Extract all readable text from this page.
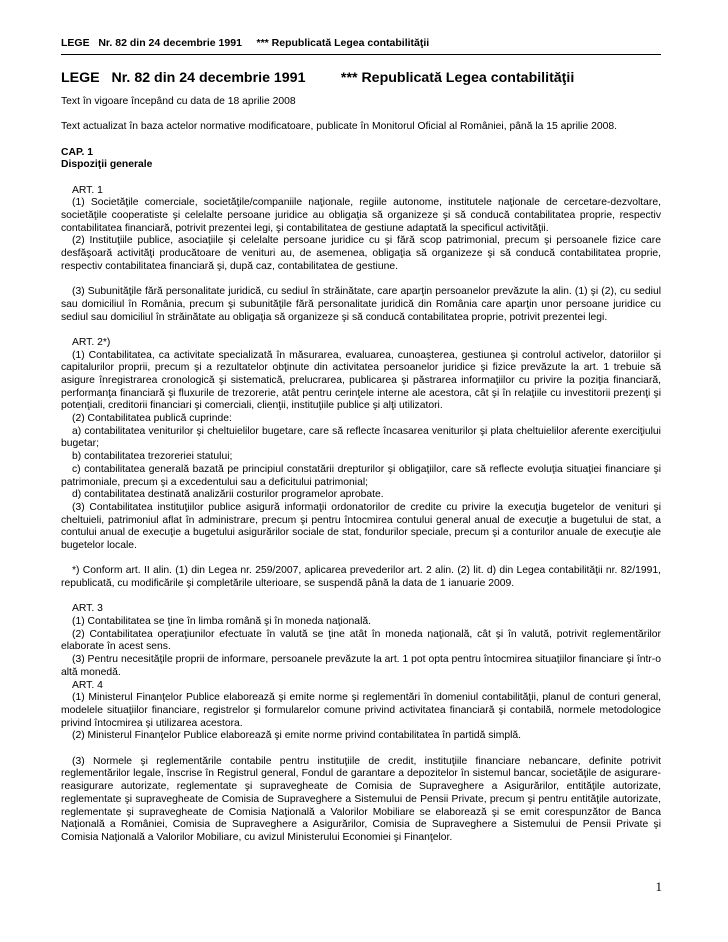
LEGE   Nr. 82 din 24 decembrie 1991     *** Republicată Legea contabilităţii
LEGE   Nr. 82 din 24 decembrie 1991         *** Republicată Legea contabilităţii

Text în vigoare începând cu data de 18 aprilie 2008

Text actualizat în baza actelor normative modificatoare, publicate în Monitorul Oficial al României, până la 15 aprilie 2008.

CAP. 1

Dispoziţii generale

ART. 1

(1) Societăţile comerciale, societăţile/companiile naţionale, regiile autonome, institutele naţionale de cercetare-dezvoltare, societăţile cooperatiste şi celelalte persoane juridice au obligaţia să organizeze şi să conducă contabilitatea proprie, respectiv contabilitatea financiară, potrivit prezentei legi, şi contabilitatea de gestiune adaptată la specificul activităţii.

(2) Instituţiile publice, asociaţiile şi celelalte persoane juridice cu şi fără scop patrimonial, precum şi persoanele fizice care desfăşoară activităţi producătoare de venituri au, de asemenea, obligaţia să organizeze şi să conducă contabilitatea proprie, respectiv contabilitatea financiară şi, după caz, contabilitatea de gestiune.

(3) Subunităţile fără personalitate juridică, cu sediul în străinătate, care aparţin persoanelor prevăzute la alin. (1) şi (2), cu sediul sau domiciliul în România, precum şi subunităţile fără personalitate juridică din România care aparţin unor persoane juridice cu sediul sau domiciliul în străinătate au obligaţia să organizeze şi să conducă contabilitatea proprie, potrivit prezentei legi.

ART. 2*)

(1) Contabilitatea, ca activitate specializată în măsurarea, evaluarea, cunoaşterea, gestiunea şi controlul activelor, datoriilor şi capitalurilor proprii, precum şi a rezultatelor obţinute din activitatea persoanelor juridice şi fizice prevăzute la art. 1 trebuie să asigure înregistrarea cronologică şi sistematică, prelucrarea, publicarea şi păstrarea informaţiilor cu privire la poziţia financiară, performanţa financiară şi fluxurile de trezorerie, atât pentru cerinţele interne ale acestora, cât şi în relaţiile cu investitorii prezenţi şi potenţiali, creditorii financiari şi comerciali, clienţii, instituţiile publice şi alţi utilizatori.

(2) Contabilitatea publică cuprinde:

a) contabilitatea veniturilor şi cheltuielilor bugetare, care să reflecte încasarea veniturilor şi plata cheltuielilor aferente exerciţiului bugetar;

b) contabilitatea trezoreriei statului;

c) contabilitatea generală bazată pe principiul constatării drepturilor şi obligaţiilor, care să reflecte evoluţia situaţiei financiare şi patrimoniale, precum şi a excedentului sau a deficitului patrimonial;

d) contabilitatea destinată analizării costurilor programelor aprobate.

(3) Contabilitatea instituţiilor publice asigură informaţii ordonatorilor de credite cu privire la execuţia bugetelor de venituri şi cheltuieli, patrimoniul aflat în administrare, precum şi pentru întocmirea contului general anual de execuţie a bugetului de stat, a contului anual de execuţie a bugetului asigurărilor sociale de stat, fondurilor speciale, precum şi a conturilor anuale de execuţie ale bugetelor locale.

*) Conform art. II alin. (1) din Legea nr. 259/2007, aplicarea prevederilor art. 2 alin. (2) lit. d) din Legea contabilităţii nr. 82/1991, republicată, cu modificările şi completările ulterioare, se suspendă până la data de 1 ianuarie 2009.

ART. 3

(1) Contabilitatea se ţine în limba română şi în moneda naţională.

(2) Contabilitatea operaţiunilor efectuate în valută se ţine atât în moneda naţională, cât şi în valută, potrivit reglementărilor elaborate în acest sens.

(3) Pentru necesităţile proprii de informare, persoanele prevăzute la art. 1 pot opta pentru întocmirea situaţiilor financiare şi într-o altă monedă.

ART. 4

(1) Ministerul Finanţelor Publice elaborează şi emite norme şi reglementări în domeniul contabilităţii, planul de conturi general, modelele situaţiilor financiare, registrelor şi formularelor comune privind activitatea financiară şi contabilă, normele metodologice privind întocmirea şi utilizarea acestora.

(2) Ministerul Finanţelor Publice elaborează şi emite norme privind contabilitatea în partidă simplă.

(3) Normele şi reglementările contabile pentru instituţiile de credit, instituţiile financiare nebancare, definite potrivit reglementărilor legale, înscrise în Registrul general, Fondul de garantare a depozitelor în sistemul bancar, societăţile de asigurare-reasigurare autorizate, reglementate şi supravegheate de Comisia de Supraveghere a Asigurărilor, entităţile autorizate, reglementate şi supravegheate de Comisia de Supraveghere a Sistemului de Pensii Private, precum şi pentru entităţile autorizate, reglementate şi supravegheate de Comisia Naţională a Valorilor Mobiliare se elaborează şi se emit corespunzător de Banca Naţională a României, Comisia de Supraveghere a Asigurărilor, Comisia de Supraveghere a Sistemului de Pensii Private şi Comisia Naţională a Valorilor Mobiliare, cu avizul Ministerului Economiei şi Finanţelor.

1
